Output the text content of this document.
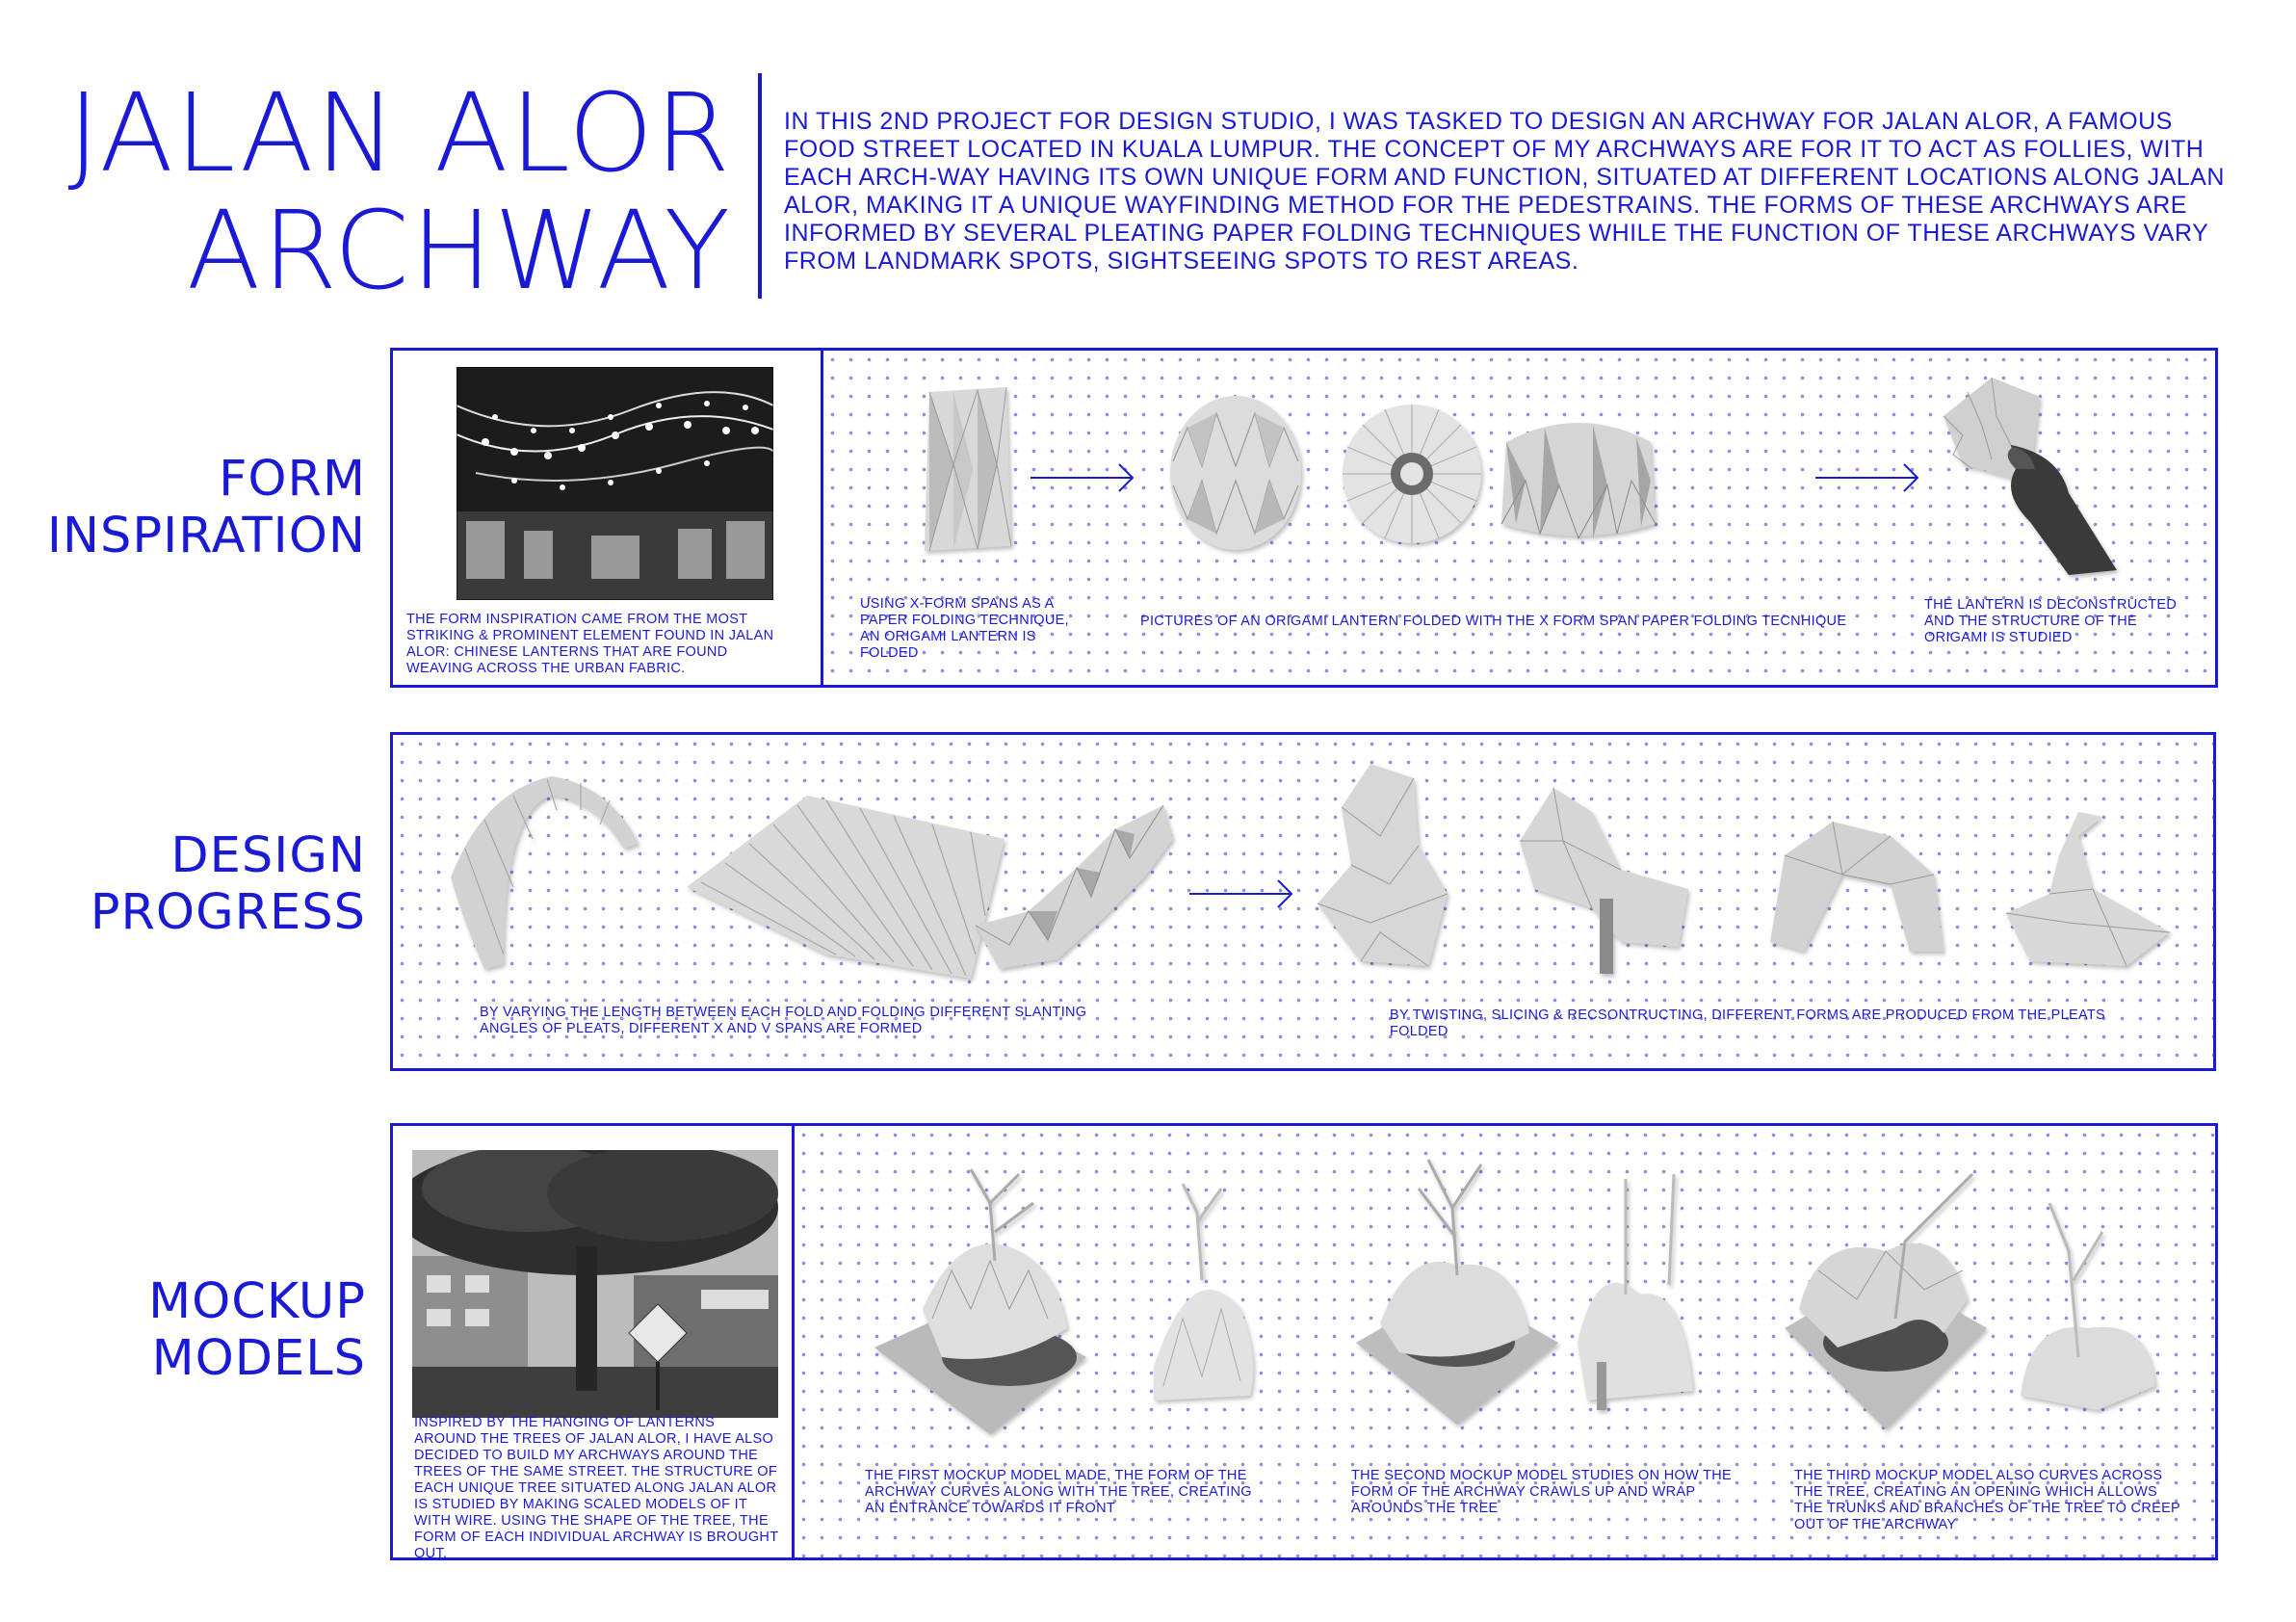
JALAN ALOR
ARCHWAY
IN THIS 2ND PROJECT FOR DESIGN STUDIO, I WAS TASKED TO DESIGN AN ARCHWAY FOR JALAN ALOR, A FAMOUS FOOD STREET LOCATED IN KUALA LUMPUR. THE CONCEPT OF MY ARCHWAYS ARE FOR IT TO ACT AS FOLLIES, WITH EACH ARCH-WAY HAVING ITS OWN UNIQUE FORM AND FUNCTION, SITUATED AT DIFFERENT LOCATIONS ALONG JALAN ALOR, MAKING IT A UNIQUE WAYFINDING METHOD FOR THE PEDESTRAINS. THE FORMS OF THESE ARCHWAYS ARE INFORMED BY SEVERAL PLEATING PAPER FOLDING TECHNIQUES WHILE THE FUNCTION OF THESE ARCHWAYS VARY FROM LANDMARK SPOTS, SIGHTSEEING SPOTS TO REST AREAS.
FORM
INSPIRATION
THE FORM INSPIRATION CAME FROM THE MOST STRIKING & PROMINENT ELEMENT FOUND IN JALAN ALOR: CHINESE LANTERNS THAT ARE FOUND WEAVING ACROSS THE URBAN FABRIC.
USING X-FORM SPANS AS A PAPER FOLDING TECHNIQUE, AN ORIGAMI LANTERN IS FOLDED
PICTURES OF AN ORIGAMI LANTERN FOLDED WITH THE X FORM SPAN PAPER FOLDING TECNHIQUE
THE LANTERN IS DECONSTRUCTED AND THE STRUCTURE OF THE ORIGAMI IS STUDIED
DESIGN
PROGRESS
BY VARYING THE LENGTH BETWEEN EACH FOLD AND FOLDING DIFFERENT SLANTING ANGLES OF PLEATS, DIFFERENT X AND V SPANS ARE FORMED
BY TWISTING, SLICING & RECSONTRUCTING, DIFFERENT FORMS ARE PRODUCED FROM THE PLEATS FOLDED
MOCKUP
MODELS
INSPIRED BY THE HANGING OF LANTERNS AROUND THE TREES OF JALAN ALOR, I HAVE ALSO DECIDED TO BUILD MY ARCHWAYS AROUND THE TREES OF THE SAME STREET. THE STRUCTURE OF EACH UNIQUE TREE SITUATED ALONG JALAN ALOR IS STUDIED BY MAKING SCALED MODELS OF IT WITH WIRE. USING THE SHAPE OF THE TREE, THE FORM OF EACH INDIVIDUAL ARCHWAY IS BROUGHT OUT.
THE FIRST MOCKUP MODEL MADE, THE FORM OF THE ARCHWAY CURVES ALONG WITH THE TREE, CREATING AN ENTRANCE TOWARDS IT FRONT
THE SECOND MOCKUP MODEL STUDIES ON HOW THE FORM OF THE ARCHWAY CRAWLS UP AND WRAP AROUNDS THE TREE
THE THIRD MOCKUP MODEL ALSO CURVES ACROSS THE TREE, CREATING AN OPENING WHICH ALLOWS THE TRUNKS AND BRANCHES OF THE TREE TO CREEP OUT OF THE ARCHWAY
